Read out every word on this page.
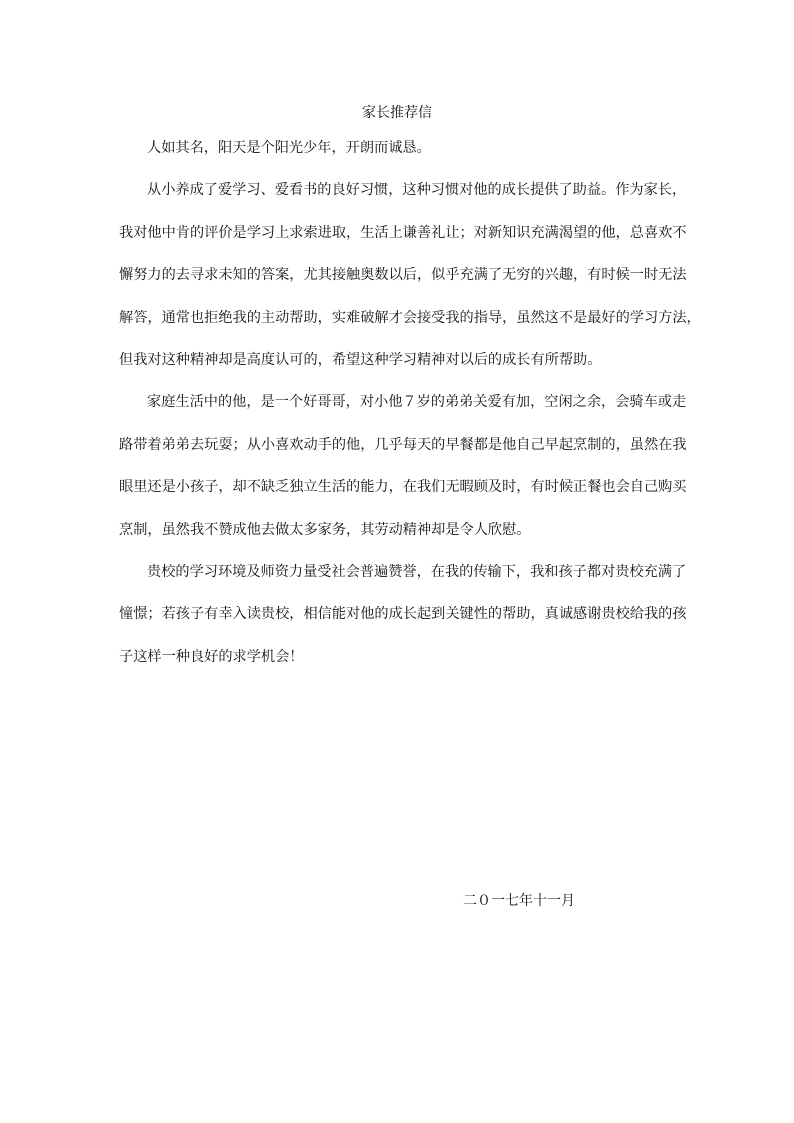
家长推荐信
人如其名，阳天是个阳光少年，开朗而诚恳。
从小养成了爱学习、爱看书的良好习惯，这种习惯对他的成长提供了助益。作为家长，
我对他中肯的评价是学习上求索进取，生活上谦善礼让；对新知识充满渴望的他，总喜欢不
懈努力的去寻求未知的答案，尤其接触奥数以后，似乎充满了无穷的兴趣，有时候一时无法
解答，通常也拒绝我的主动帮助，实难破解才会接受我的指导，虽然这不是最好的学习方法，
但我对这种精神却是高度认可的，希望这种学习精神对以后的成长有所帮助。
家庭生活中的他，是一个好哥哥，对小他７岁的弟弟关爱有加，空闲之余，会骑车或走
路带着弟弟去玩耍；从小喜欢动手的他，几乎每天的早餐都是他自己早起烹制的，虽然在我
眼里还是小孩子，却不缺乏独立生活的能力，在我们无暇顾及时，有时候正餐也会自己购买
烹制，虽然我不赞成他去做太多家务，其劳动精神却是令人欣慰。
贵校的学习环境及师资力量受社会普遍赞誉，在我的传输下，我和孩子都对贵校充满了
憧憬；若孩子有幸入读贵校，相信能对他的成长起到关键性的帮助，真诚感谢贵校给我的孩
子这样一种良好的求学机会！
二０一七年十一月
